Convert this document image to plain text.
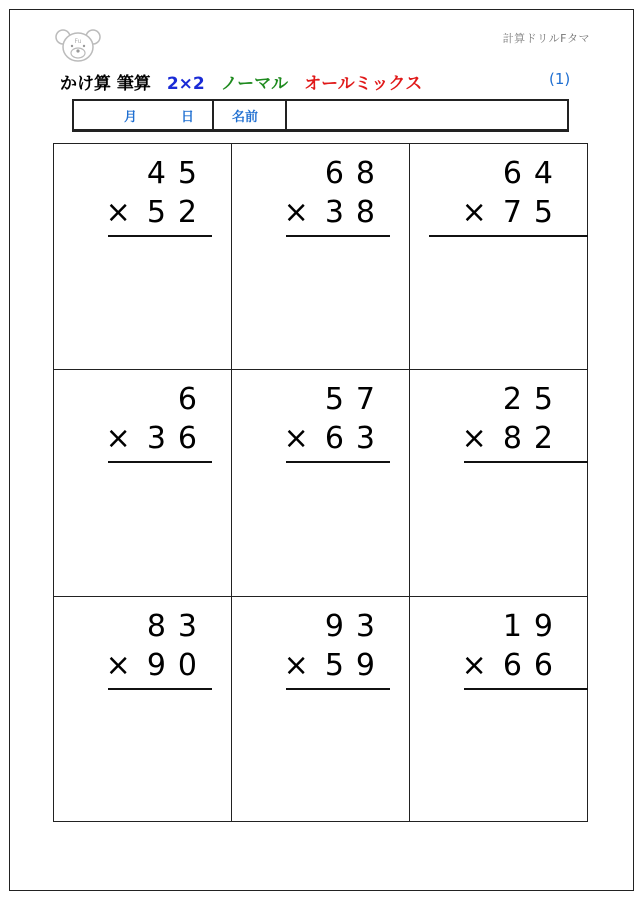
Fu	計算ドリルFタマ
かけ算 筆算 2×2 ノーマル オールミックス	(1)
月	日	名前
45
× 52
68
× 38
64
× 75
6
× 36
57
× 63
25
× 82
83
× 90
93
× 59
19
× 66
